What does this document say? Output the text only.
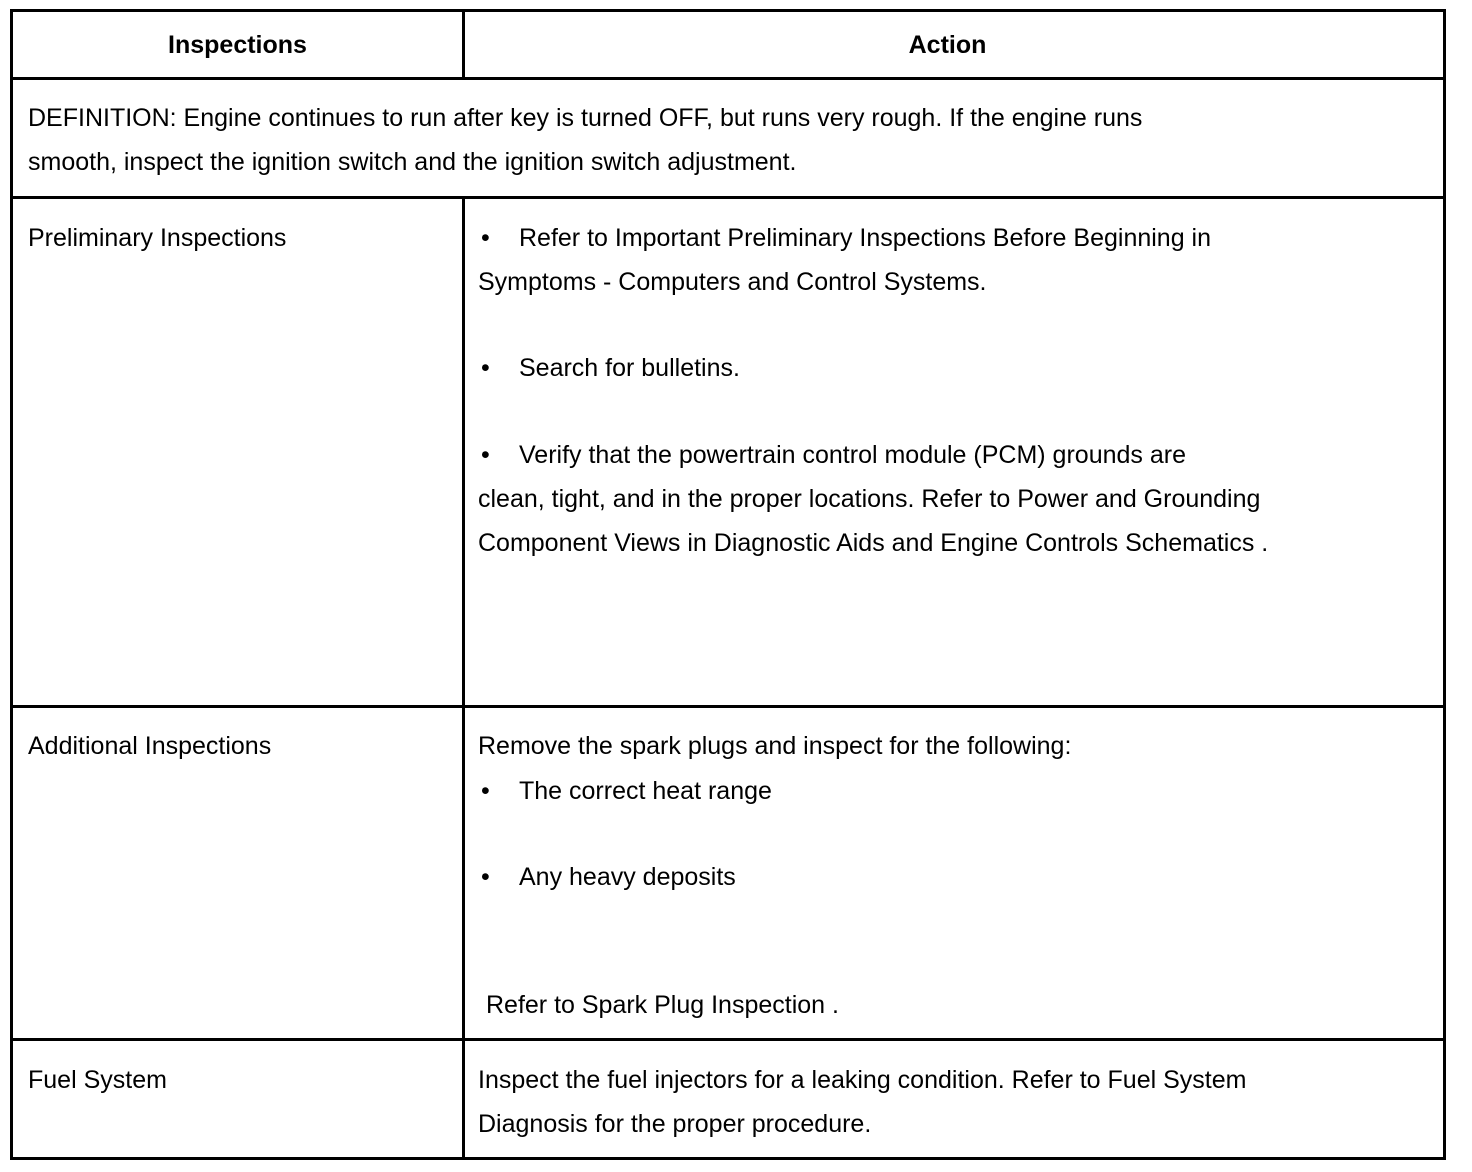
Inspections	Action
DEFINITION: Engine continues to run after key is turned OFF, but runs very rough. If the engine runs
smooth, inspect the ignition switch and the ignition switch adjustment.
Preliminary Inspections	• Refer to Important Preliminary Inspections Before Beginning in
Symptoms - Computers and Control Systems.
• Search for bulletins.
• Verify that the powertrain control module (PCM) grounds are
clean, tight, and in the proper locations. Refer to Power and Grounding
Component Views in Diagnostic Aids and Engine Controls Schematics .
Additional Inspections	Remove the spark plugs and inspect for the following:
• The correct heat range
• Any heavy deposits
Refer to Spark Plug Inspection .
Fuel System	Inspect the fuel injectors for a leaking condition. Refer to Fuel System
Diagnosis for the proper procedure.
